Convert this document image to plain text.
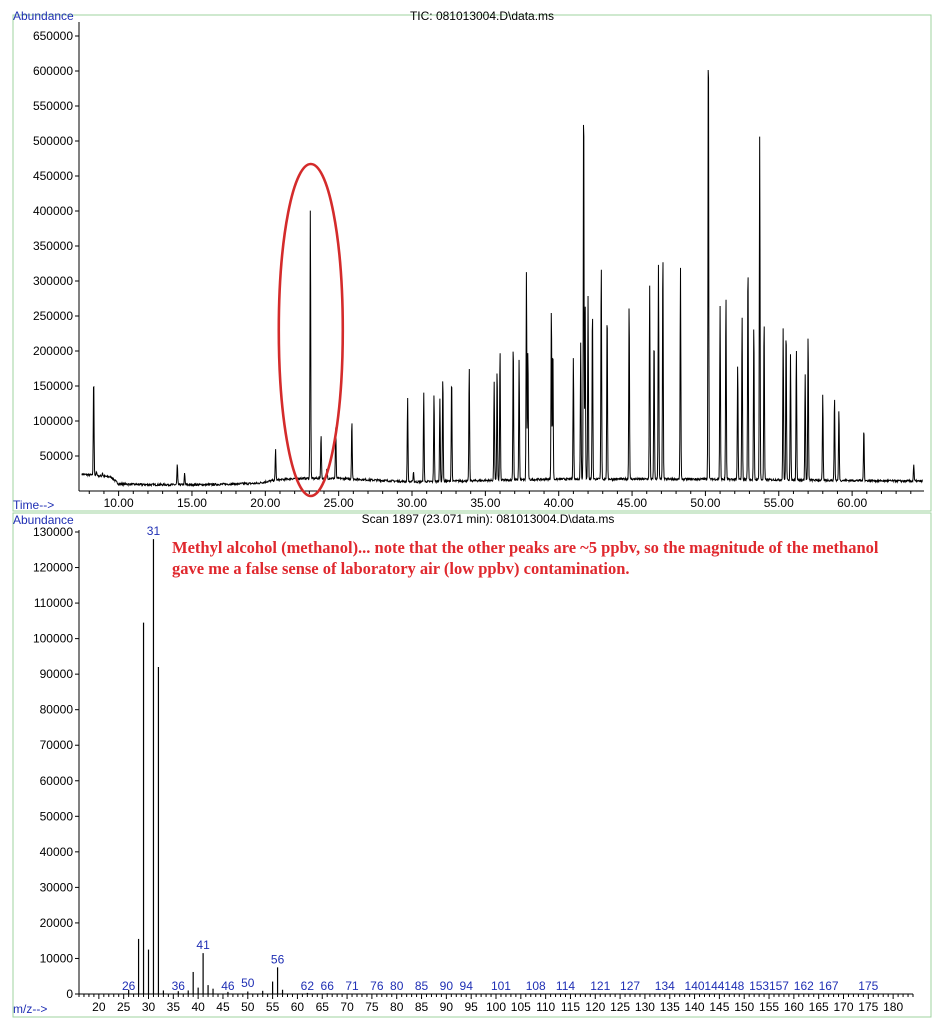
Abundance	TIC: 081013004.D\data.ms
Time-->
50000
100000
150000
200000
250000
300000
350000
400000
450000
500000
550000
600000
650000
10.00	15.00	20.00	25.00	30.00	35.00	40.00	45.00	50.00	55.00	60.00
Abundance	Scan 1897 (23.071 min): 081013004.D\data.ms
m/z-->
0
10000
20000
30000
40000
50000
60000
70000
80000
90000
100000
110000
120000
130000
20 25 30 35 40 45 50 55 60 65 70 75 80 85 90 95 100 105 110 115 120 125 130 135 140 145 150 155 160 165 170 175 180
31
41
56
26	36	46 50	62 66 71 76 80 85 90 94 101 108 114 121 127 134 140 144 148 153 157 162 167 175
Methyl alcohol (methanol)... note that the other peaks are ~5 ppbv, so the magnitude of the methanol gave me a false sense of laboratory air (low ppbv) contamination.
